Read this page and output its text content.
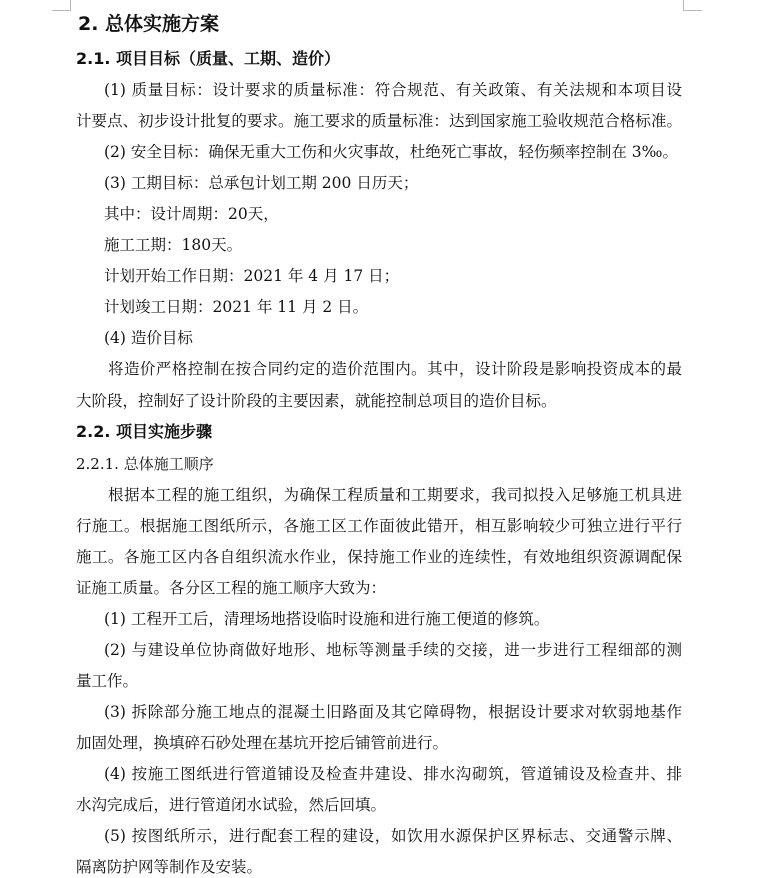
2. 总体实施方案
2.1. 项目目标（质量、工期、造价）
(1) 质量目标：设计要求的质量标准：符合规范、有关政策、有关法规和本项目设
计要点、初步设计批复的要求。施工要求的质量标准：达到国家施工验收规范合格标准。
(2) 安全目标：确保无重大工伤和火灾事故，杜绝死亡事故，轻伤频率控制在 3‰。
(3) 工期目标：总承包计划工期 200 日历天；
其中：设计周期：20天，
施工工期：180天。
计划开始工作日期：2021 年 4 月 17 日；
计划竣工日期：2021 年 11 月 2 日。
(4) 造价目标
将造价严格控制在按合同约定的造价范围内。其中，设计阶段是影响投资成本的最
大阶段，控制好了设计阶段的主要因素，就能控制总项目的造价目标。
2.2. 项目实施步骤
2.2.1. 总体施工顺序
根据本工程的施工组织，为确保工程质量和工期要求，我司拟投入足够施工机具进
行施工。根据施工图纸所示，各施工区工作面彼此错开，相互影响较少可独立进行平行
施工。各施工区内各自组织流水作业，保持施工作业的连续性，有效地组织资源调配保
证施工质量。各分区工程的施工顺序大致为：
(1) 工程开工后，清理场地搭设临时设施和进行施工便道的修筑。
(2) 与建设单位协商做好地形、地标等测量手续的交接，进一步进行工程细部的测
量工作。
(3) 拆除部分施工地点的混凝土旧路面及其它障碍物，根据设计要求对软弱地基作
加固处理，换填碎石砂处理在基坑开挖后铺管前进行。
(4) 按施工图纸进行管道铺设及检查井建设、排水沟砌筑，管道铺设及检查井、排
水沟完成后，进行管道闭水试验，然后回填。
(5) 按图纸所示，进行配套工程的建设，如饮用水源保护区界标志、交通警示牌、
隔离防护网等制作及安装。
